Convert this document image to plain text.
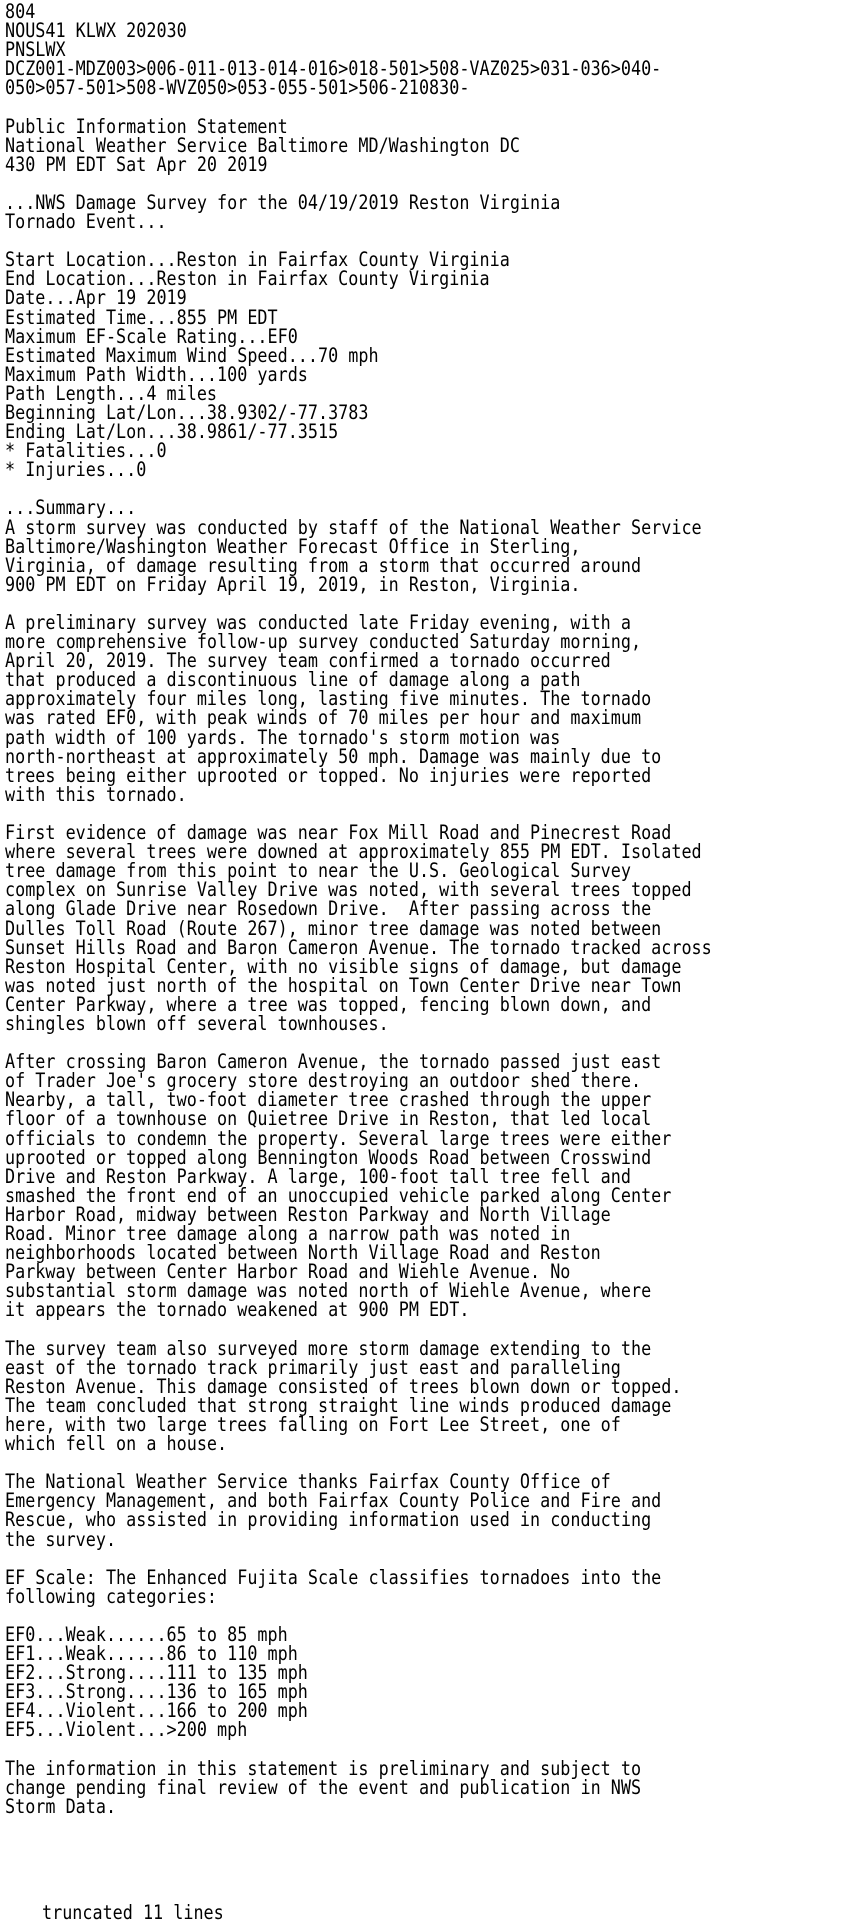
804
NOUS41 KLWX 202030
PNSLWX
DCZ001-MDZ003>006-011-013-014-016>018-501>508-VAZ025>031-036>040-
050>057-501>508-WVZ050>053-055-501>506-210830-
Public Information Statement
National Weather Service Baltimore MD/Washington DC
430 PM EDT Sat Apr 20 2019
...NWS Damage Survey for the 04/19/2019 Reston Virginia
Tornado Event...
Start Location...Reston in Fairfax County Virginia
End Location...Reston in Fairfax County Virginia
Date...Apr 19 2019
Estimated Time...855 PM EDT
Maximum EF-Scale Rating...EF0
Estimated Maximum Wind Speed...70 mph
Maximum Path Width...100 yards
Path Length...4 miles
Beginning Lat/Lon...38.9302/-77.3783
Ending Lat/Lon...38.9861/-77.3515
* Fatalities...0
* Injuries...0
...Summary...
A storm survey was conducted by staff of the National Weather Service
Baltimore/Washington Weather Forecast Office in Sterling,
Virginia, of damage resulting from a storm that occurred around
900 PM EDT on Friday April 19, 2019, in Reston, Virginia.
A preliminary survey was conducted late Friday evening, with a
more comprehensive follow-up survey conducted Saturday morning,
April 20, 2019. The survey team confirmed a tornado occurred
that produced a discontinuous line of damage along a path
approximately four miles long, lasting five minutes. The tornado
was rated EF0, with peak winds of 70 miles per hour and maximum
path width of 100 yards. The tornado's storm motion was
north-northeast at approximately 50 mph. Damage was mainly due to
trees being either uprooted or topped. No injuries were reported
with this tornado.
First evidence of damage was near Fox Mill Road and Pinecrest Road
where several trees were downed at approximately 855 PM EDT. Isolated
tree damage from this point to near the U.S. Geological Survey
complex on Sunrise Valley Drive was noted, with several trees topped
along Glade Drive near Rosedown Drive.  After passing across the
Dulles Toll Road (Route 267), minor tree damage was noted between
Sunset Hills Road and Baron Cameron Avenue. The tornado tracked across
Reston Hospital Center, with no visible signs of damage, but damage
was noted just north of the hospital on Town Center Drive near Town
Center Parkway, where a tree was topped, fencing blown down, and
shingles blown off several townhouses.
After crossing Baron Cameron Avenue, the tornado passed just east
of Trader Joe's grocery store destroying an outdoor shed there.
Nearby, a tall, two-foot diameter tree crashed through the upper
floor of a townhouse on Quietree Drive in Reston, that led local
officials to condemn the property. Several large trees were either
uprooted or topped along Bennington Woods Road between Crosswind
Drive and Reston Parkway. A large, 100-foot tall tree fell and
smashed the front end of an unoccupied vehicle parked along Center
Harbor Road, midway between Reston Parkway and North Village
Road. Minor tree damage along a narrow path was noted in
neighborhoods located between North Village Road and Reston
Parkway between Center Harbor Road and Wiehle Avenue. No
substantial storm damage was noted north of Wiehle Avenue, where
it appears the tornado weakened at 900 PM EDT.
The survey team also surveyed more storm damage extending to the
east of the tornado track primarily just east and paralleling
Reston Avenue. This damage consisted of trees blown down or topped.
The team concluded that strong straight line winds produced damage
here, with two large trees falling on Fort Lee Street, one of
which fell on a house.
The National Weather Service thanks Fairfax County Office of
Emergency Management, and both Fairfax County Police and Fire and
Rescue, who assisted in providing information used in conducting
the survey.
EF Scale: The Enhanced Fujita Scale classifies tornadoes into the
following categories:
EF0...Weak......65 to 85 mph
EF1...Weak......86 to 110 mph
EF2...Strong....111 to 135 mph
EF3...Strong....136 to 165 mph
EF4...Violent...166 to 200 mph
EF5...Violent...>200 mph
The information in this statement is preliminary and subject to
change pending final review of the event and publication in NWS
Storm Data.
truncated 11 lines
